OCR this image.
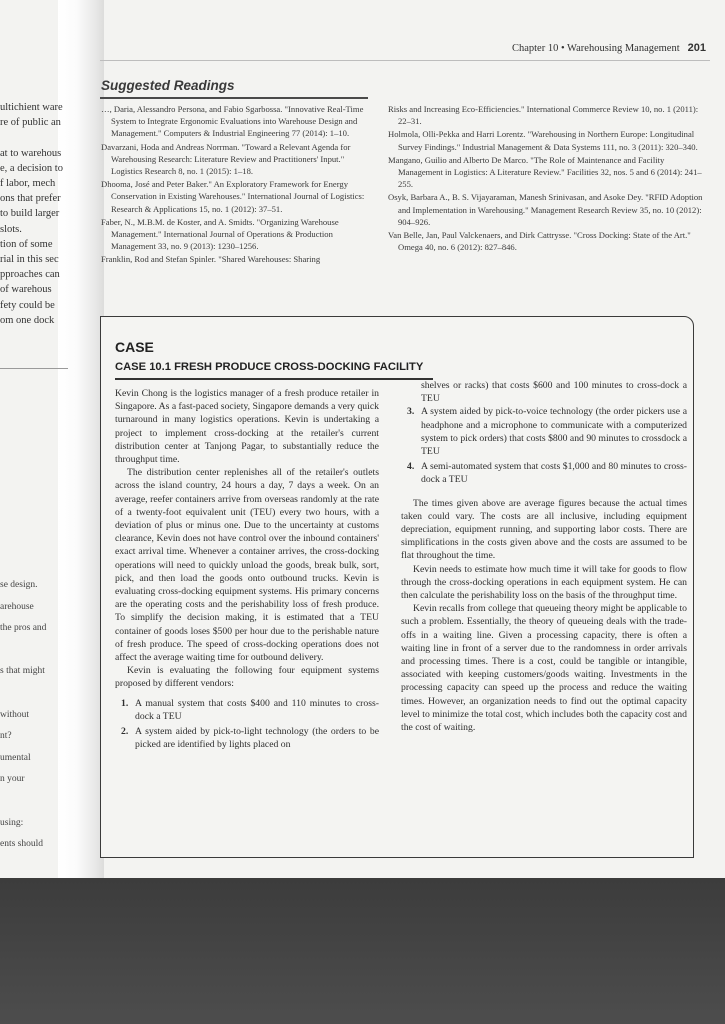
ultichient ware
re of public an

at to warehous
e, a decision to
f labor, mech
ons that prefer
to build larger
slots.
tion of some
rial in this sec
pproaches can
of warehous
fety could be
om one dock
se design.
arehouse
the pros and

s that might

without
nt?
umental
n your

using:
ents should

Chapter 10 • Warehousing Management 201
Suggested Readings

…, Daria, Alessandro Persona, and Fabio Sgarbossa. "Innovative Real-Time System to Integrate Ergonomic Evaluations into Warehouse Design and Management." Computers & Industrial Engineering 77 (2014): 1–10.

Davarzani, Hoda and Andreas Norrman. "Toward a Relevant Agenda for Warehousing Research: Literature Review and Practitioners' Input." Logistics Research 8, no. 1 (2015): 1–18.

Dhooma, José and Peter Baker." An Exploratory Framework for Energy Conservation in Existing Warehouses." International Journal of Logistics: Research & Applications 15, no. 1 (2012): 37–51.

Faber, N., M.B.M. de Koster, and A. Smidts. "Organizing Warehouse Management." International Journal of Operations & Production Management 33, no. 9 (2013): 1230–1256.

Franklin, Rod and Stefan Spinler. "Shared Warehouses: Sharing

Risks and Increasing Eco-Efficiencies." International Commerce Review 10, no. 1 (2011): 22–31.

Holmola, Olli-Pekka and Harri Lorentz. "Warehousing in Northern Europe: Longitudinal Survey Findings." Industrial Management & Data Systems 111, no. 3 (2011): 320–340.

Mangano, Guilio and Alberto De Marco. "The Role of Maintenance and Facility Management in Logistics: A Literature Review." Facilities 32, nos. 5 and 6 (2014): 241–255.

Osyk, Barbara A., B. S. Vijayaraman, Manesh Srinivasan, and Asoke Dey. "RFID Adoption and Implementation in Warehousing." Management Research Review 35, no. 10 (2012): 904–926.

Van Belle, Jan, Paul Valckenaers, and Dirk Cattrysse. "Cross Docking: State of the Art." Omega 40, no. 6 (2012): 827–846.

CASE
CASE 10.1 FRESH PRODUCE CROSS-DOCKING FACILITY

Kevin Chong is the logistics manager of a fresh produce retailer in Singapore. As a fast-paced society, Singapore demands a very quick turnaround in many logistics operations. Kevin is undertaking a project to implement cross-docking at the retailer's current distribution center at Tanjong Pagar, to substantially reduce the throughput time.

The distribution center replenishes all of the retailer's outlets across the island country, 24 hours a day, 7 days a week. On an average, reefer containers arrive from overseas randomly at the rate of a twenty-foot equivalent unit (TEU) every two hours, with a deviation of plus or minus one. Due to the uncertainty at customs clearance, Kevin does not have control over the inbound containers' exact arrival time. Whenever a container arrives, the cross-docking operations will need to quickly unload the goods, break bulk, sort, pick, and then load the goods onto outbound trucks. Kevin is evaluating cross-docking equipment systems. His primary concerns are the operating costs and the perishability loss of fresh produce. To simplify the decision making, it is estimated that a TEU container of goods loses $500 per hour due to the perishable nature of fresh produce. The speed of cross-docking operations does not affect the average waiting time for outbound delivery.

Kevin is evaluating the following four equipment systems proposed by different vendors:

1. A manual system that costs $400 and 110 minutes to cross-dock a TEU
2. A system aided by pick-to-light technology (the orders to be picked are identified by lights placed on

shelves or racks) that costs $600 and 100 minutes to cross-dock a TEU

3. A system aided by pick-to-voice technology (the order pickers use a headphone and a microphone to communicate with a computerized system to pick orders) that costs $800 and 90 minutes to crossdock a TEU
4. A semi-automated system that costs $1,000 and 80 minutes to cross-dock a TEU

The times given above are average figures because the actual times taken could vary. The costs are all inclusive, including equipment depreciation, equipment running, and supporting labor costs. There are simplifications in the costs given above and the costs are assumed to be flat throughout the time.

Kevin needs to estimate how much time it will take for goods to flow through the cross-docking operations in each equipment system. He can then calculate the perishability loss on the basis of the throughput time.

Kevin recalls from college that queueing theory might be applicable to such a problem. Essentially, the theory of queueing deals with the trade-offs in a waiting line. Given a processing capacity, there is often a waiting line in front of a server due to the randomness in order arrivals and processing times. There is a cost, could be tangible or intangible, associated with keeping customers/goods waiting. Investments in the processing capacity can speed up the process and reduce the waiting times. However, an organization needs to find out the optimal capacity level to minimize the total cost, which includes both the capacity cost and the cost of waiting.
